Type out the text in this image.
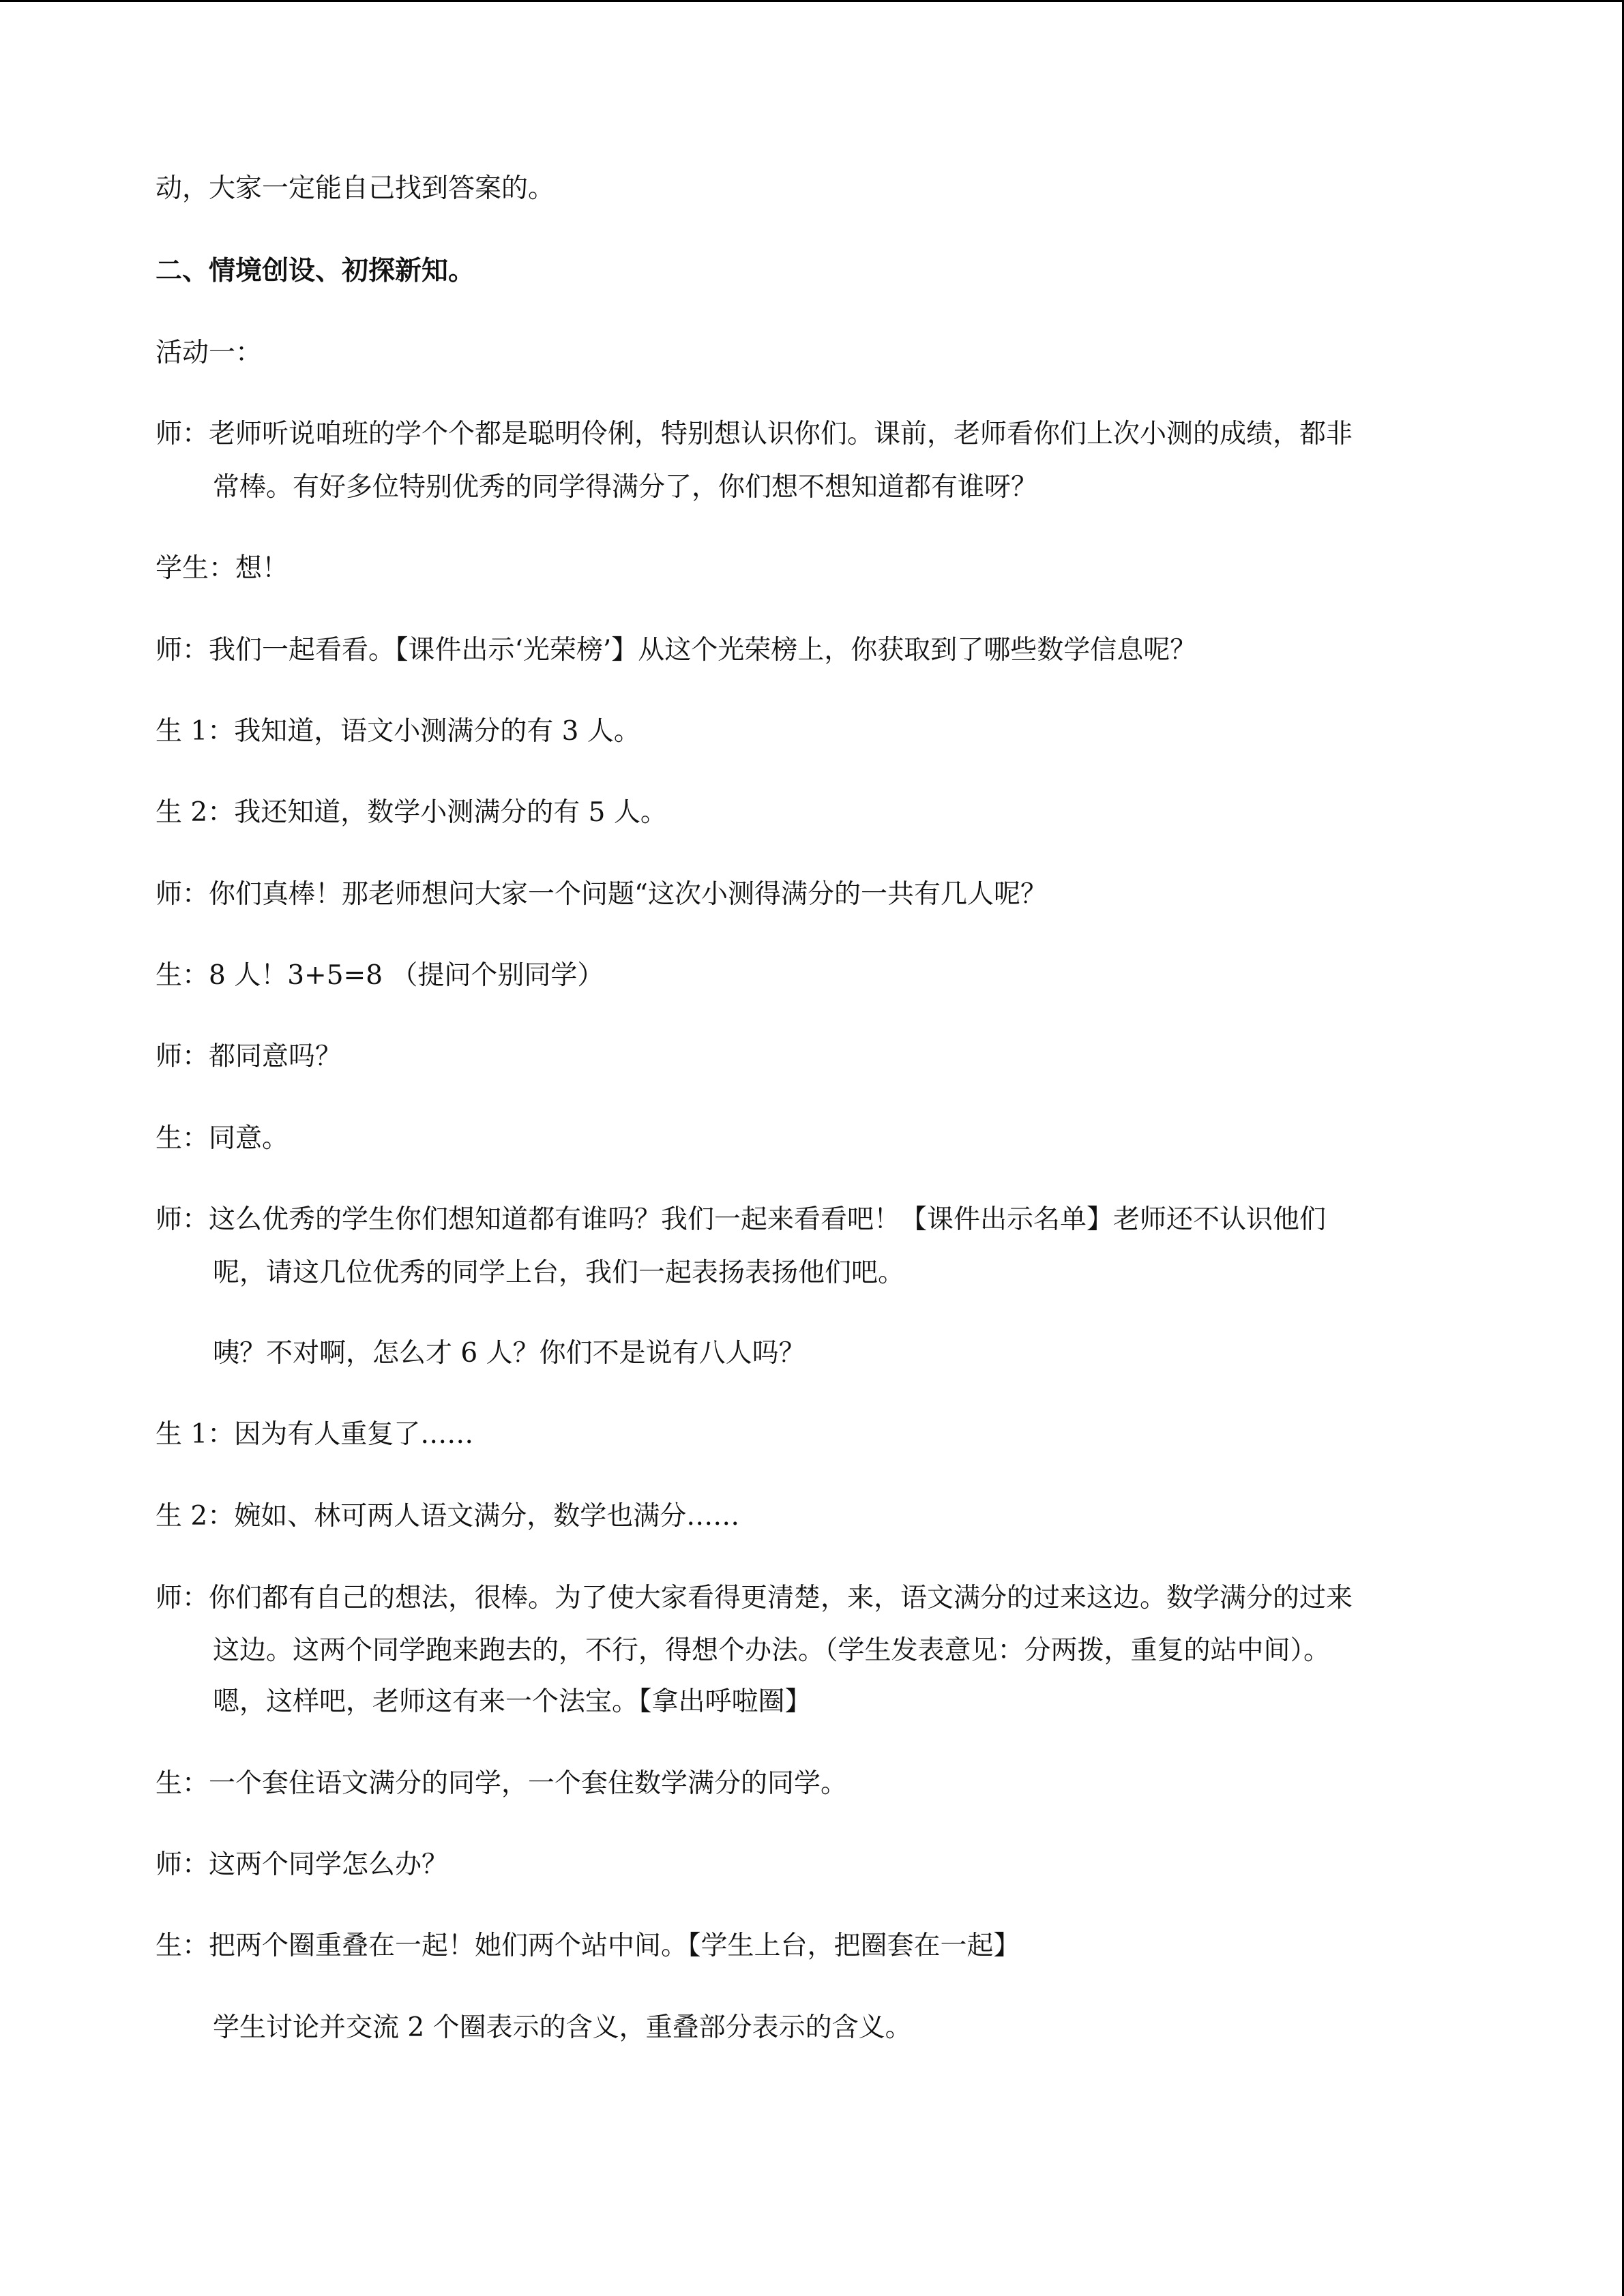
动，大家一定能自己找到答案的。
二、情境创设、初探新知。
活动一：
师：老师听说咱班的学个个都是聪明伶俐，特别想认识你们。课前，老师看你们上次小测的成绩，都非
常棒。有好多位特别优秀的同学得满分了，你们想不想知道都有谁呀？
学生：想！
师：我们一起看看。【课件出示‘光荣榜’】从这个光荣榜上，你获取到了哪些数学信息呢？
生 1：我知道，语文小测满分的有 3 人。
生 2：我还知道，数学小测满分的有 5 人。
师：你们真棒！那老师想问大家一个问题“这次小测得满分的一共有几人呢？
生：8 人！3+5=8 （提问个别同学）
师：都同意吗？
生：同意。
师：这么优秀的学生你们想知道都有谁吗？我们一起来看看吧！【课件出示名单】老师还不认识他们
呢，请这几位优秀的同学上台，我们一起表扬表扬他们吧。
咦？不对啊，怎么才 6 人？你们不是说有八人吗？
生 1：因为有人重复了……
生 2：婉如、林可两人语文满分，数学也满分……
师：你们都有自己的想法，很棒。为了使大家看得更清楚，来，语文满分的过来这边。数学满分的过来
这边。这两个同学跑来跑去的，不行，得想个办法。（学生发表意见：分两拨，重复的站中间）。
嗯，这样吧，老师这有来一个法宝。【拿出呼啦圈】
生：一个套住语文满分的同学，一个套住数学满分的同学。
师：这两个同学怎么办？
生：把两个圈重叠在一起！她们两个站中间。【学生上台，把圈套在一起】
学生讨论并交流 2 个圈表示的含义，重叠部分表示的含义。
